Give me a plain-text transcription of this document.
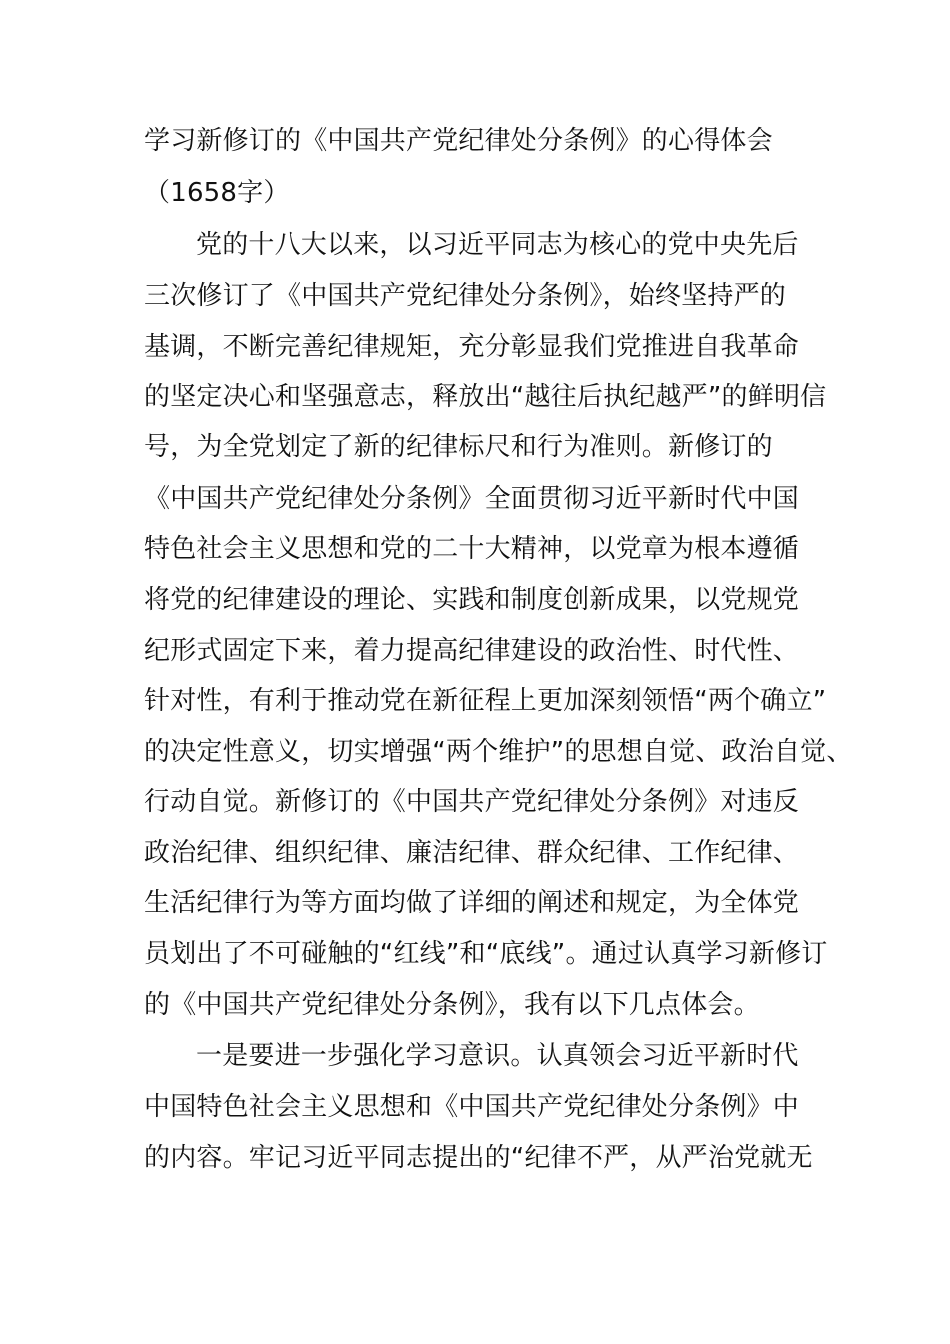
学习新修订的《中国共产党纪律处分条例》的心得体会
（1658字）
党的十八大以来，以习近平同志为核心的党中央先后
三次修订了《中国共产党纪律处分条例》，始终坚持严的
基调，不断完善纪律规矩，充分彰显我们党推进自我革命
的坚定决心和坚强意志，释放出“越往后执纪越严”的鲜明信
号，为全党划定了新的纪律标尺和行为准则。新修订的
《中国共产党纪律处分条例》全面贯彻习近平新时代中国
特色社会主义思想和党的二十大精神，以党章为根本遵循
将党的纪律建设的理论、实践和制度创新成果，以党规党
纪形式固定下来，着力提高纪律建设的政治性、时代性、
针对性，有利于推动党在新征程上更加深刻领悟“两个确立”
的决定性意义，切实增强“两个维护”的思想自觉、政治自觉、
行动自觉。新修订的《中国共产党纪律处分条例》对违反
政治纪律、组织纪律、廉洁纪律、群众纪律、工作纪律、
生活纪律行为等方面均做了详细的阐述和规定，为全体党
员划出了不可碰触的“红线”和“底线”。通过认真学习新修订
的《中国共产党纪律处分条例》，我有以下几点体会。
一是要进一步强化学习意识。认真领会习近平新时代
中国特色社会主义思想和《中国共产党纪律处分条例》中
的内容。牢记习近平同志提出的“纪律不严，从严治党就无
